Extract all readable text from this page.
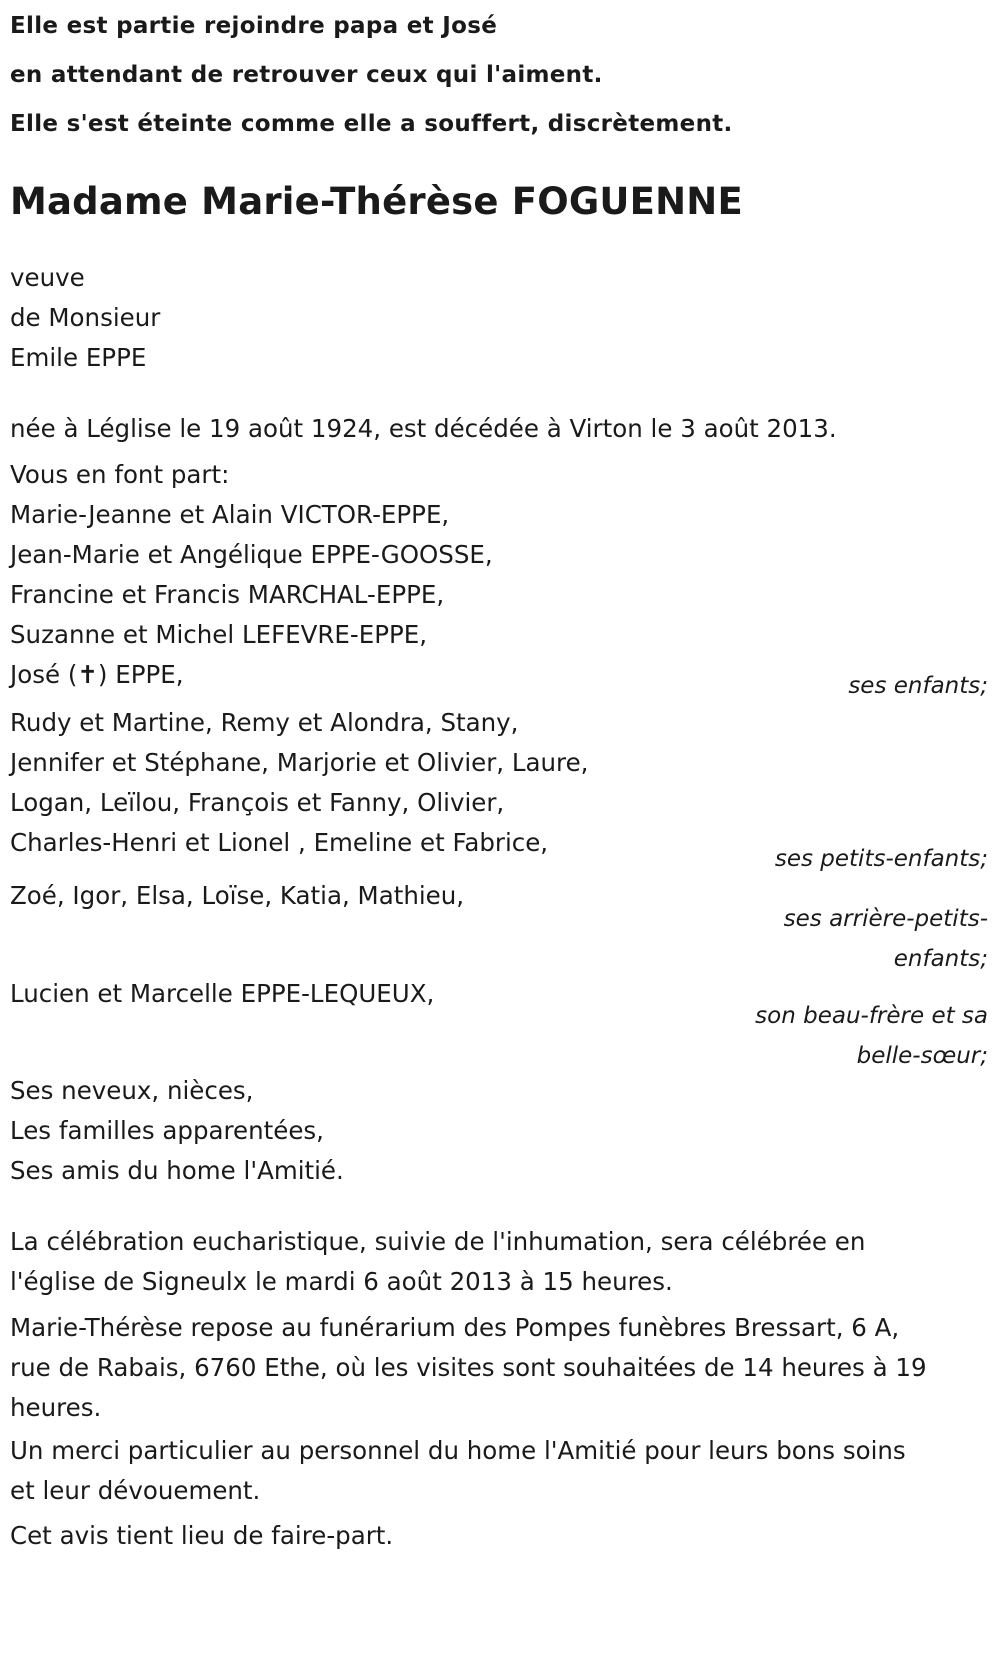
Elle est partie rejoindre papa et José

en attendant de retrouver ceux qui l'aiment.

Elle s'est éteinte comme elle a souffert, discrètement.

Madame Marie-Thérèse FOGUENNE
veuve
de Monsieur
Emile EPPE
née à Léglise le 19 août 1924, est décédée à Virton le 3 août 2013.
Vous en font part:
Marie-Jeanne et Alain VICTOR-EPPE,
Jean-Marie et Angélique EPPE-GOOSSE,
Francine et Francis MARCHAL-EPPE,
Suzanne et Michel LEFEVRE-EPPE,
José (✝) EPPE,	ses enfants;
Rudy et Martine, Remy et Alondra, Stany,
Jennifer et Stéphane, Marjorie et Olivier, Laure,
Logan, Leïlou, François et Fanny, Olivier,
Charles-Henri et Lionel , Emeline et Fabrice,
ses petits-enfants;
Zoé, Igor, Elsa, Loïse, Katia, Mathieu,
ses arrière-petits-
enfants;
Lucien et Marcelle EPPE-LEQUEUX,
son beau-frère et sa
belle-sœur;
Ses neveux, nièces,
Les familles apparentées,
Ses amis du home l'Amitié.
La célébration eucharistique, suivie de l'inhumation, sera célébrée en
l'église de Signeulx le mardi 6 août 2013 à 15 heures.
Marie-Thérèse repose au funérarium des Pompes funèbres Bressart, 6 A,
rue de Rabais, 6760 Ethe, où les visites sont souhaitées de 14 heures à 19
heures.
Un merci particulier au personnel du home l'Amitié pour leurs bons soins
et leur dévouement.
Cet avis tient lieu de faire-part.
